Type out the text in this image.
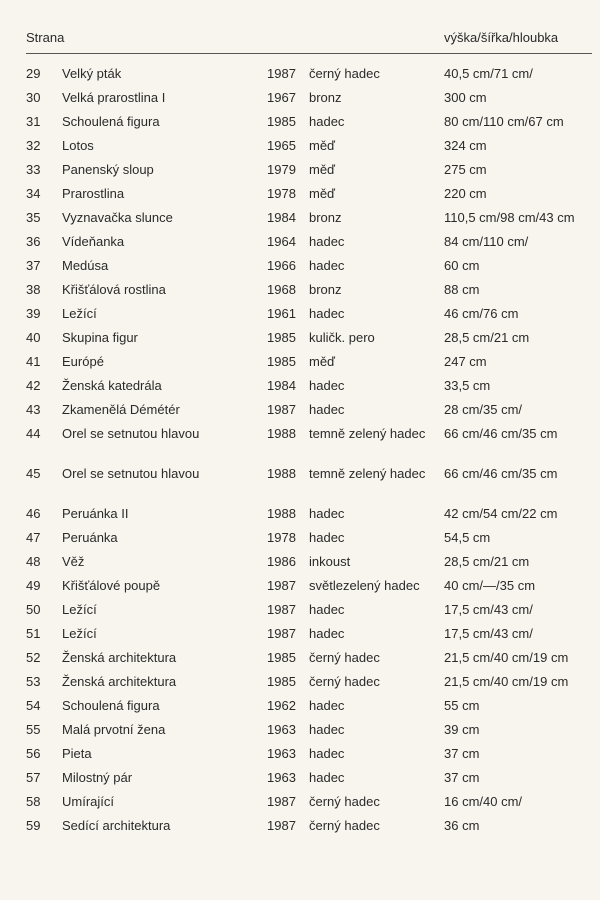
Strana	výška/šířka/hloubka
29	Velký pták	1987	černý hadec	40,5 cm/71 cm/
30	Velká prarostlina I	1967	bronz	300 cm
31	Schoulená figura	1985	hadec	80 cm/110 cm/67 cm
32	Lotos	1965	měď	324 cm
33	Panenský sloup	1979	měď	275 cm
34	Prarostlina	1978	měď	220 cm
35	Vyznavačka slunce	1984	bronz	110,5 cm/98 cm/43 cm
36	Vídeňanka	1964	hadec	84 cm/110 cm/
37	Medúsa	1966	hadec	60 cm
38	Křišťálová rostlina	1968	bronz	88 cm
39	Ležící	1961	hadec	46 cm/76 cm
40	Skupina figur	1985	kuličk. pero	28,5 cm/21 cm
41	Európé	1985	měď	247 cm
42	Ženská katedrála	1984	hadec	33,5 cm
43	Zkamenělá Démétér	1987	hadec	28 cm/35 cm/
44	Orel se setnutou hlavou	1988	temně zelený hadec 66 cm/46 cm/35 cm
45	Orel se setnutou hlavou	1988	temně zelený hadec 66 cm/46 cm/35 cm
46	Peruánka II	1988	hadec	42 cm/54 cm/22 cm
47	Peruánka	1978	hadec	54,5 cm
48	Věž	1986	inkoust	28,5 cm/21 cm
49	Křišťálové poupě	1987	světlezelený hadec	40 cm/—/35 cm
50	Ležící	1987	hadec	17,5 cm/43 cm/
51	Ležící	1987	hadec	17,5 cm/43 cm/
52	Ženská architektura	1985	černý hadec	21,5 cm/40 cm/19 cm
53	Ženská architektura	1985	černý hadec	21,5 cm/40 cm/19 cm
54	Schoulená figura	1962	hadec	55 cm
55	Malá prvotní žena	1963	hadec	39 cm
56	Pieta	1963	hadec	37 cm
57	Milostný pár	1963	hadec	37 cm
58	Umírající	1987	černý hadec	16 cm/40 cm/
59	Sedící architektura	1987	černý hadec	36 cm
